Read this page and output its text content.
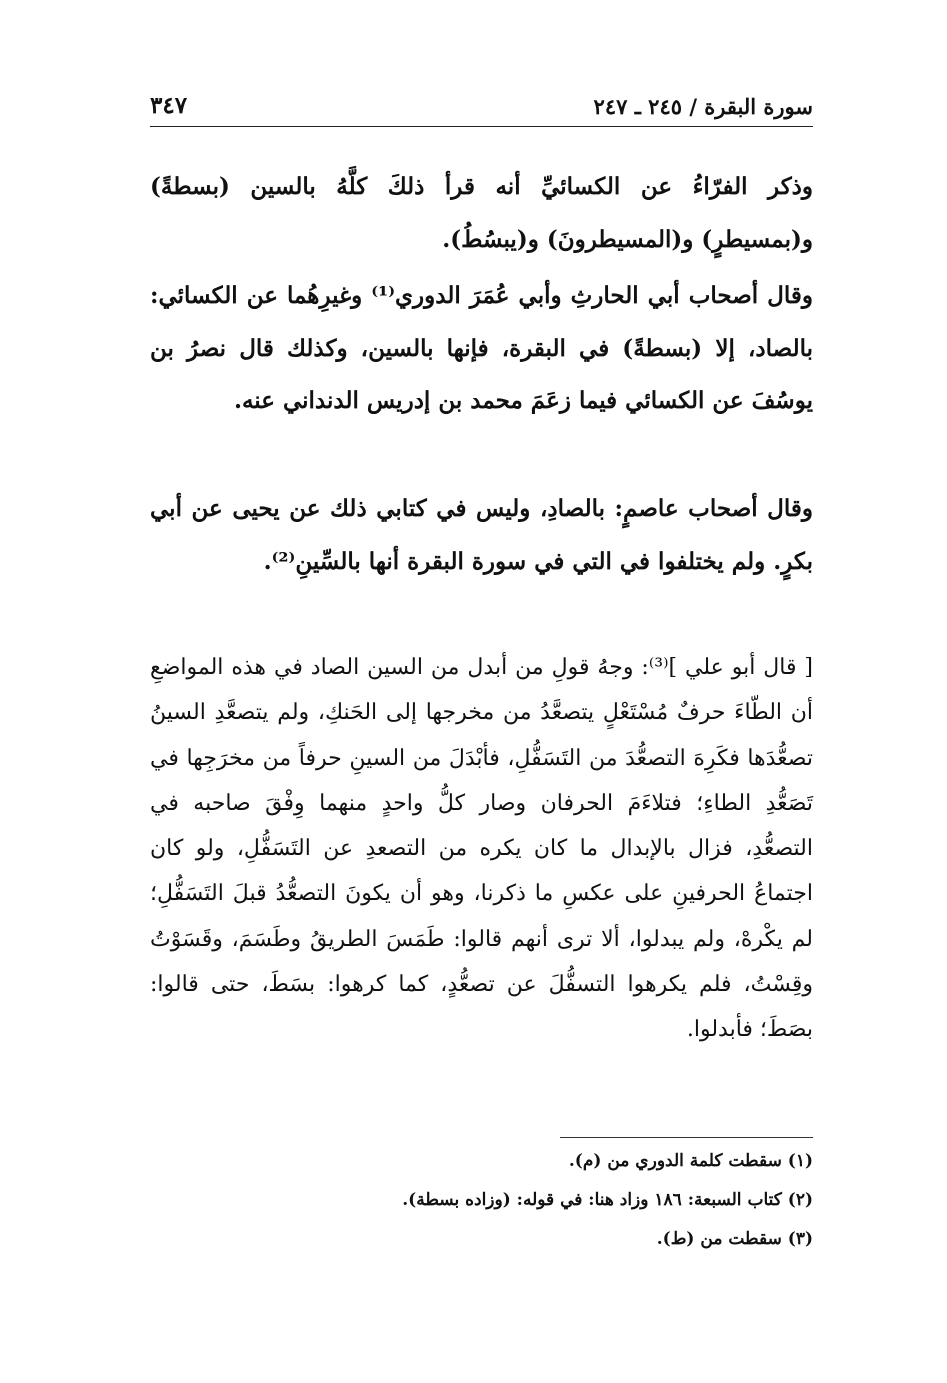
سورة البقرة / ٢٤٥ ـ ٢٤٧
٣٤٧

وذكر الفرّاءُ عن الكسائيِّ أنه قرأ ذلكَ كلَّهُ بالسين (بسطةً) و(بمسيطرٍ) و(المسيطرونَ) و(يبسُطُ).

وقال أصحاب أبي الحارثِ وأبي عُمَرَ الدوري⁽¹⁾ وغيرِهُما عن الكسائي: بالصاد، إلا (بسطةً) في البقرة، فإنها بالسين، وكذلك قال نصرُ بن يوسُفَ عن الكسائي فيما زعَمَ محمد بن إدريس الدنداني عنه.

وقال أصحاب عاصمٍ: بالصادِ، وليس في كتابي ذلك عن يحيى عن أبي بكرٍ. ولم يختلفوا في التي في سورة البقرة أنها بالسِّينِ⁽²⁾.

[ قال أبو علي ]⁽³⁾: وجهُ قولِ من أبدل من السين الصاد في هذه المواضعِ أن الطّاءَ حرفٌ مُسْتَعْلٍ يتصعَّدُ من مخرجها إلى الحَنكِ، ولم يتصعَّدِ السينُ تصعُّدَها فكَرِهَ التصعُّدَ من التَسَفُّلِ، فأبْدَلَ من السينِ حرفاً من مخرَجِها في تَصَعُّدِ الطاءِ؛ فتلاءَمَ الحرفان وصار كلُّ واحدٍ منهما وِفْقَ صاحبه في التصعُّدِ، فزال بالإبدال ما كان يكره من التصعدِ عن التَسَفُّلِ، ولو كان اجتماعُ الحرفينِ على عكسِ ما ذكرنا، وهو أن يكونَ التصعُّدُ قبلَ التَسَفُّلِ؛ لم يكْرهْ، ولم يبدلوا، ألا ترى أنهم قالوا: طَمَسَ الطريقُ وطَسَمَ، وقَسَوْتُ وقِسْتُ، فلم يكرهوا التسفُّلَ عن تصعُّدٍ، كما كرهوا: بسَطَ، حتى قالوا: بصَطَ؛ فأبدلوا.

(١) سقطت كلمة الدوري من (م).

(٢) كتاب السبعة: ١٨٦ وزاد هنا: في قوله: (وزاده بسطة).

(٣) سقطت من (ط).
